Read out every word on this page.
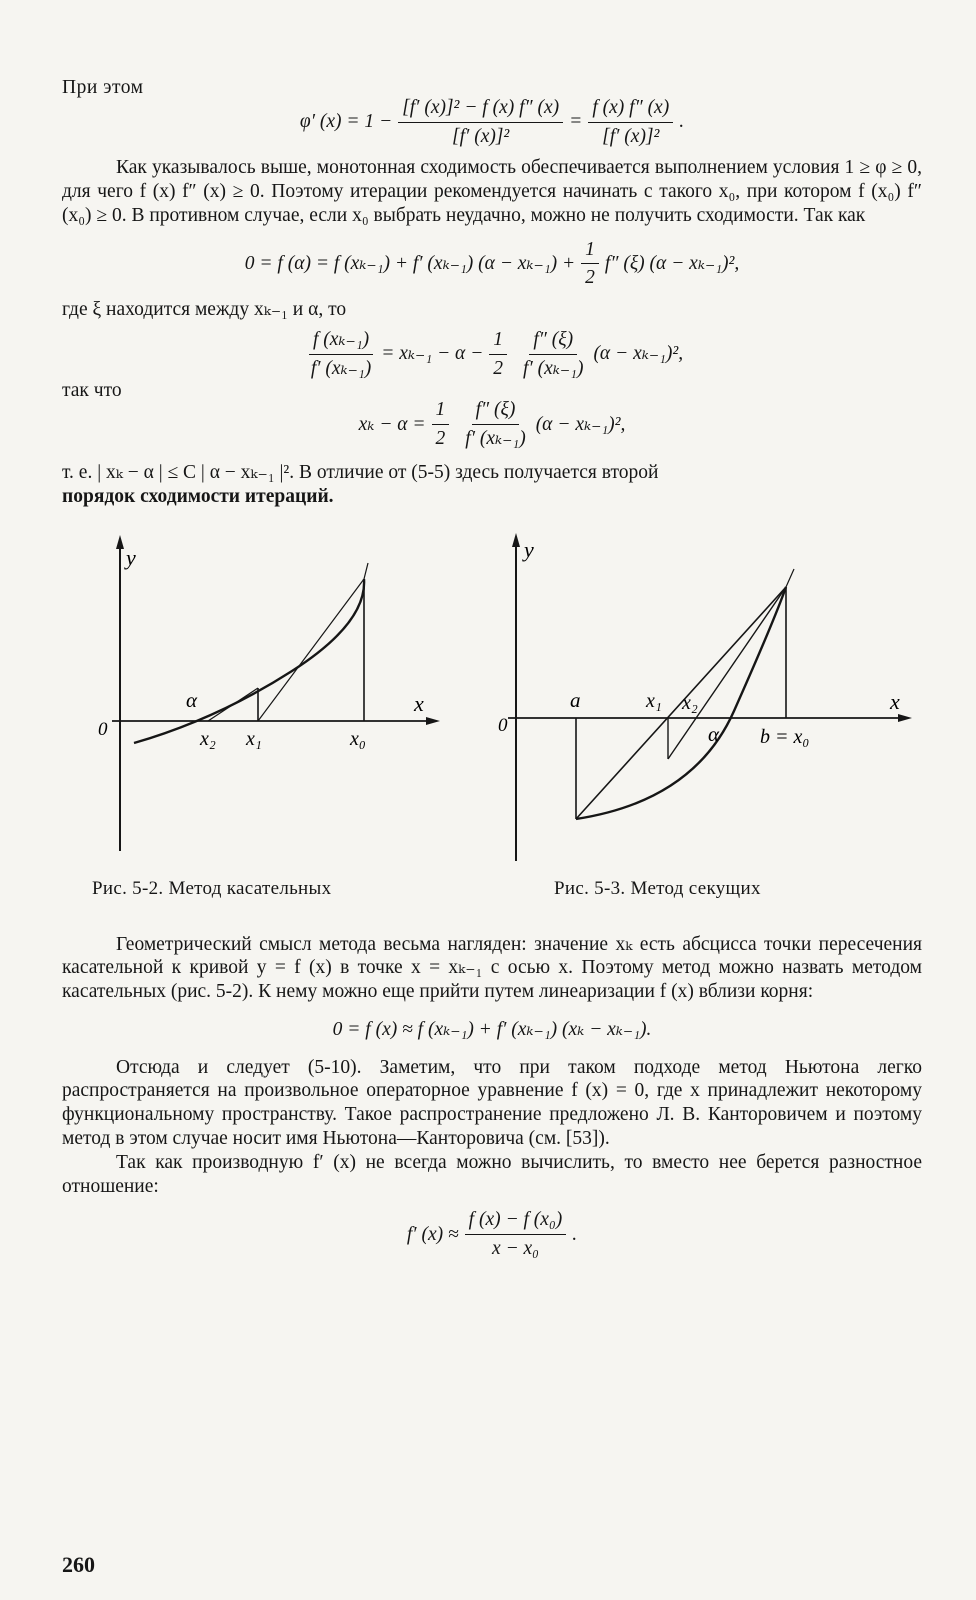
При этом

φ′ $(x) = 1 - \frac{\text{[f′ (x)]² − f (x) f″ (x)}}{\text{[f′ (x)]²}} = \frac{f (x) f'' (x)}{\text{[f′ (x)]²}}$ .

Как указывалось выше, монотонная сходимость обеспечивается выполнением условия 1 ≥ φ ≥ 0, для чего f (x) f″ (x) ≥ 0. Поэтому итерации рекомендуется начинать с такого x₀, при котором f (x₀) f″ (x₀) ≥ 0. В противном случае, если x₀ выбрать неудачно, можно не получить сходимости. Так как

0 = f (α) = f (xₖ₋₁) + f′ (xₖ₋₁) $(\alpha - x_{k-1}) + \frac{1}{2} f''$ (ξ) (α − xₖ₋₁)²,

где ξ находится между xₖ₋₁ и α, то

$\frac{\text{f (xₖ₋₁)}}{\text{f′ (xₖ₋₁)}} = x_{k-1} - \alpha - \frac{1}{2} \frac{f'' (\xi)}{\text{f′ (xₖ₋₁)}} (\alpha - x_{k-1})^2$,

так что

$x_k - \alpha = \frac{1}{2} \frac{f'' (\xi)}{\text{f′ (xₖ₋₁)}} (\alpha - x_{k-1})^2$,

т. е. | xₖ − α | ≤ C | α − xₖ₋₁ |². В отличие от (5-5) здесь получается второй

порядок сходимости итераций.

y
0
x
α
x₂ x₁	x₀
Рис. 5-2. Метод касательных
y
0
x
a	x₁ x₂
α b = x₀
Рис. 5-3. Метод секущих

Геометрический смысл метода весьма нагляден: значение xₖ есть абсцисса точки пересечения касательной к кривой y = f (x) в точке x = xₖ₋₁ с осью x. Поэтому метод можно назвать методом касательных (рис. 5-2). К нему можно еще прийти путем линеаризации f (x) вблизи корня:

0 = f (x) ≈ f (xₖ₋₁) + f′ (xₖ₋₁) (xₖ − xₖ₋₁).

Отсюда и следует (5-10). Заметим, что при таком подходе метод Ньютона легко распространяется на произвольное операторное уравнение f (x) = 0, где x принадлежит некоторому функциональному пространству. Такое распространение предложено Л. В. Канторовичем и поэтому метод в этом случае носит имя Ньютона—Канторовича (см. [53]).

Так как производную f′ (x) не всегда можно вычислить, то вместо нее берется разностное отношение:

f′ $(x) \approx \frac{\text{f (x) − f (x₀)}}{\text{x − x₀}}$ .
260
